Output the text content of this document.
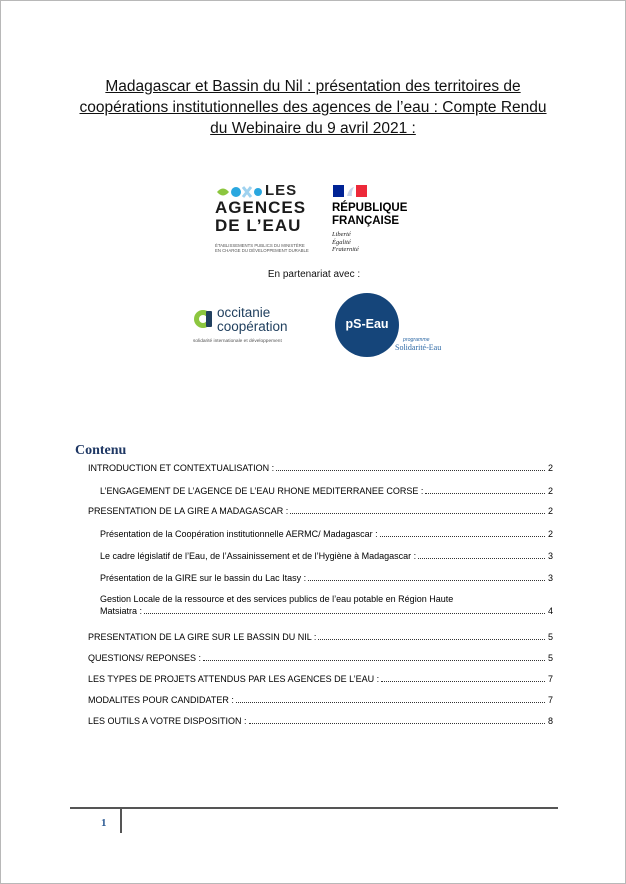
Madagascar et Bassin du Nil : présentation des territoires de
coopérations institutionnelles des agences de l’eau : Compte Rendu
du Webinaire du 9 avril 2021 :
LES
AGENCES
DE L’EAU
ÉTABLISSEMENTS PUBLICS DU MINISTÈRE
EN CHARGE DU DÉVELOPPEMENT DURABLE
RÉPUBLIQUE
FRANÇAISE
Liberté
Égalité
Fraternité
En partenariat avec :
occitanie
coopération
solidarité internationale et développement
pS-Eau
programme
Solidarité-Eau
Contenu
INTRODUCTION ET CONTEXTUALISATION :	2
L’ENGAGEMENT DE L’AGENCE DE L’EAU RHONE MEDITERRANEE CORSE :	2
PRESENTATION DE LA GIRE A MADAGASCAR :	2
Présentation de la Coopération institutionnelle AERMC/ Madagascar :	2
Le cadre législatif de l’Eau, de l’Assainissement et de l’Hygiène à Madagascar :	3
Présentation de la GIRE sur le bassin du Lac Itasy :	3
Gestion Locale de la ressource et des services publics de l’eau potable en Région Haute
Matsiatra :	4
PRESENTATION DE LA GIRE SUR LE BASSIN DU NIL :	5
QUESTIONS/ REPONSES :	5
LES TYPES DE PROJETS ATTENDUS PAR LES AGENCES DE L’EAU :	7
MODALITES POUR CANDIDATER :	7
LES OUTILS A VOTRE DISPOSITION :	8
1
